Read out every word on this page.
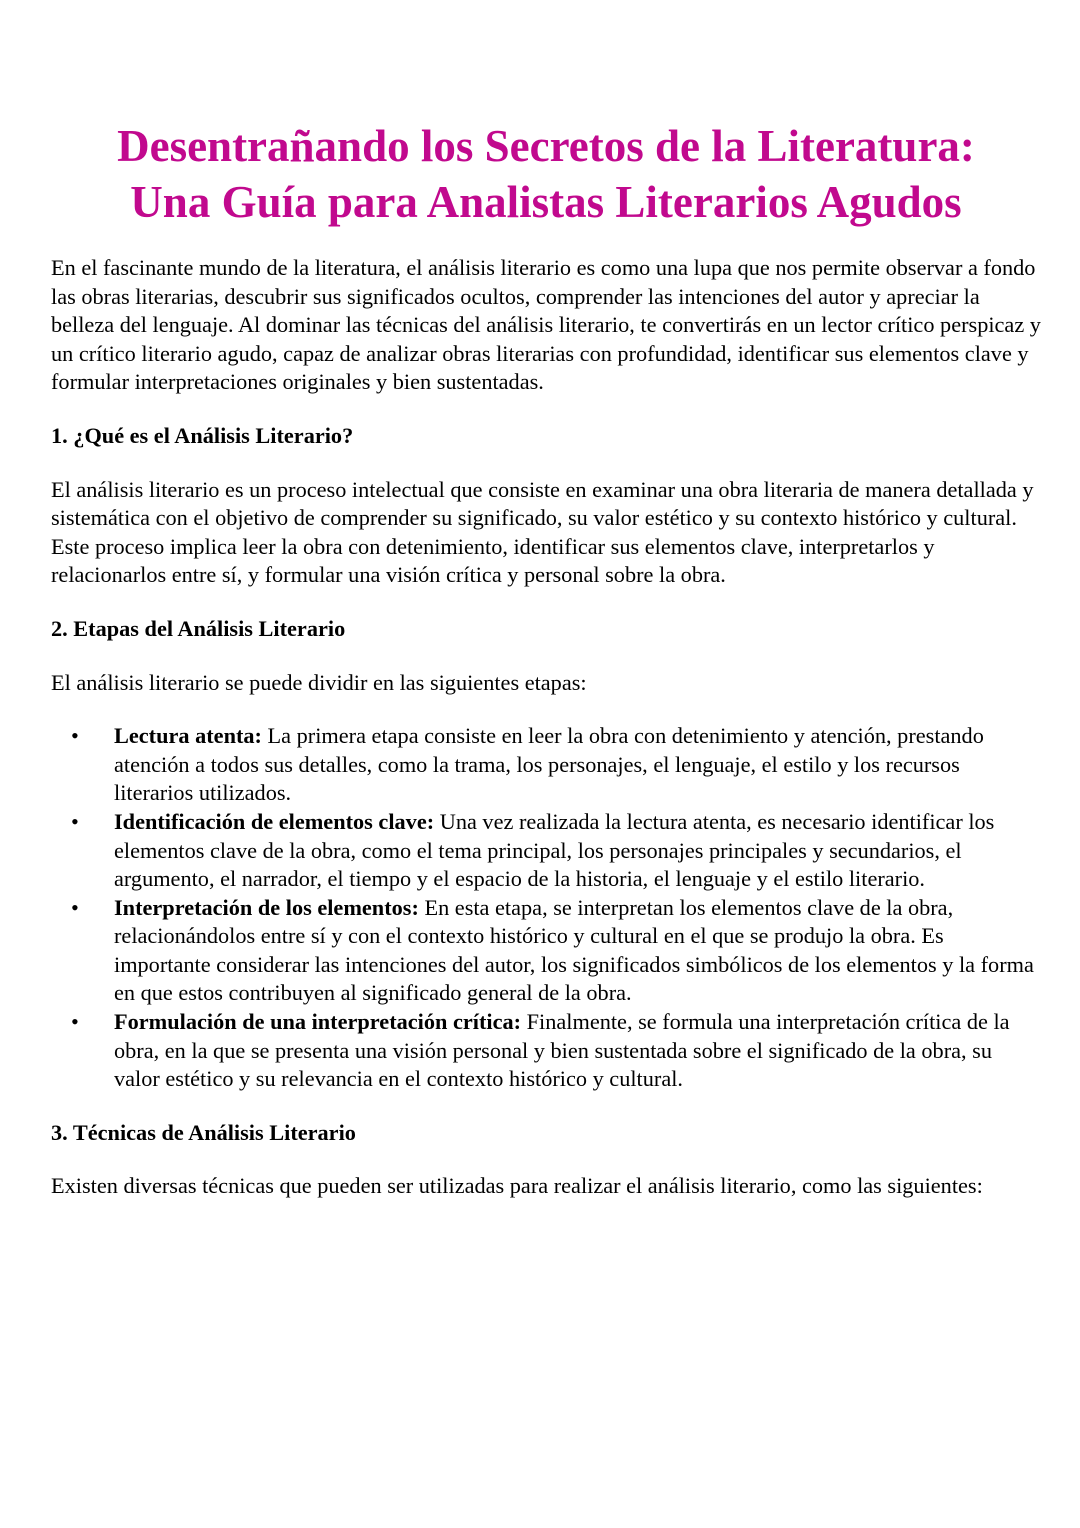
Desentrañando los Secretos de la Literatura:
Una Guía para Analistas Literarios Agudos

En el fascinante mundo de la literatura, el análisis literario es como una lupa que nos permite observar a fondo las obras literarias, descubrir sus significados ocultos, comprender las intenciones del autor y apreciar la belleza del lenguaje. Al dominar las técnicas del análisis literario, te convertirás en un lector crítico perspicaz y un crítico literario agudo, capaz de analizar obras literarias con profundidad, identificar sus elementos clave y formular interpretaciones originales y bien sustentadas.

1. ¿Qué es el Análisis Literario?

El análisis literario es un proceso intelectual que consiste en examinar una obra literaria de manera detallada y sistemática con el objetivo de comprender su significado, su valor estético y su contexto histórico y cultural. Este proceso implica leer la obra con detenimiento, identificar sus elementos clave, interpretarlos y relacionarlos entre sí, y formular una visión crítica y personal sobre la obra.

2. Etapas del Análisis Literario

El análisis literario se puede dividir en las siguientes etapas:

• Lectura atenta: La primera etapa consiste en leer la obra con detenimiento y atención, prestando atención a todos sus detalles, como la trama, los personajes, el lenguaje, el estilo y los recursos literarios utilizados.
• Identificación de elementos clave: Una vez realizada la lectura atenta, es necesario identificar los elementos clave de la obra, como el tema principal, los personajes principales y secundarios, el argumento, el narrador, el tiempo y el espacio de la historia, el lenguaje y el estilo literario.
• Interpretación de los elementos: En esta etapa, se interpretan los elementos clave de la obra, relacionándolos entre sí y con el contexto histórico y cultural en el que se produjo la obra. Es importante considerar las intenciones del autor, los significados simbólicos de los elementos y la forma en que estos contribuyen al significado general de la obra.
• Formulación de una interpretación crítica: Finalmente, se formula una interpretación crítica de la obra, en la que se presenta una visión personal y bien sustentada sobre el significado de la obra, su valor estético y su relevancia en el contexto histórico y cultural.
3. Técnicas de Análisis Literario

Existen diversas técnicas que pueden ser utilizadas para realizar el análisis literario, como las siguientes:
